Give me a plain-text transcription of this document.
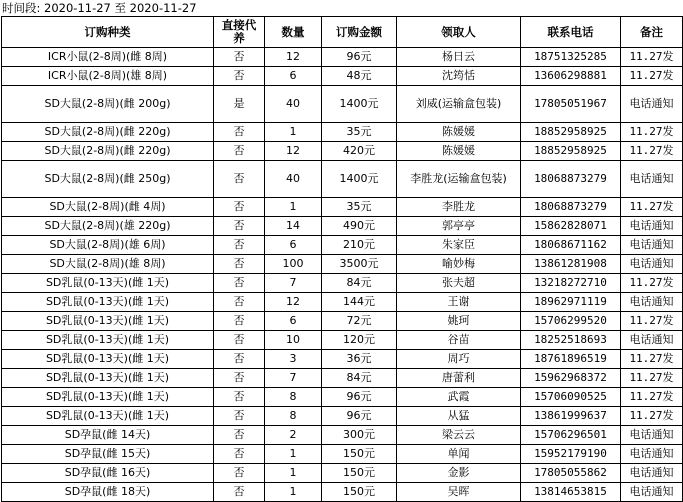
时间段: 2020-11-27 至 2020-11-27
订购种类	直接代养	数量	订购金额	领取人	联系电话	备注
ICR小鼠(2-8周)(雌 8周)	否	12	96元	杨日云	18751325285	11.27发
ICR小鼠(2-8周)(雄 8周)	否	6	48元	沈筠恬	13606298881	11.27发
SD大鼠(2-8周)(雌 200g)	是	40	1400元	刘威(运输盒包装)	17805051967	电话通知
SD大鼠(2-8周)(雌 220g)	否	1	35元	陈媛媛	18852958925	11.27发
SD大鼠(2-8周)(雌 220g)	否	12	420元	陈媛媛	18852958925	11.27发
SD大鼠(2-8周)(雌 250g)	否	40	1400元	李胜龙(运输盒包装)	18068873279	电话通知
SD大鼠(2-8周)(雌 4周)	否	1	35元	李胜龙	18068873279	11.27发
SD大鼠(2-8周)(雄 220g)	否	14	490元	郭亭亭	15862828071	电话通知
SD大鼠(2-8周)(雄 6周)	否	6	210元	朱家臣	18068671162	电话通知
SD大鼠(2-8周)(雄 8周)	否	100	3500元	喻妙梅	13861281908	电话通知
SD乳鼠(0-13天)(雌 1天)	否	7	84元	张夫超	13218272710	11.27发
SD乳鼠(0-13天)(雌 1天)	否	12	144元	王谢	18962971119	电话通知
SD乳鼠(0-13天)(雌 1天)	否	6	72元	姚珂	15706299520	11.27发
SD乳鼠(0-13天)(雌 1天)	否	10	120元	谷苗	18252518693	电话通知
SD乳鼠(0-13天)(雌 1天)	否	3	36元	周巧	18761896519	11.27发
SD乳鼠(0-13天)(雌 1天)	否	7	84元	唐蕾利	15962968372	11.27发
SD乳鼠(0-13天)(雌 1天)	否	8	96元	武霞	15706090525	11.27发
SD乳鼠(0-13天)(雌 1天)	否	8	96元	从猛	13861999637	11.27发
SD孕鼠(雌 14天)	否	2	300元	梁云云	15706296501	电话通知
SD孕鼠(雌 15天)	否	1	150元	单闻	15952179190	电话通知
SD孕鼠(雌 16天)	否	1	150元	金影	17805055862	电话通知
SD孕鼠(雌 18天)	否	1	150元	吴晖	13814653815	电话通知
